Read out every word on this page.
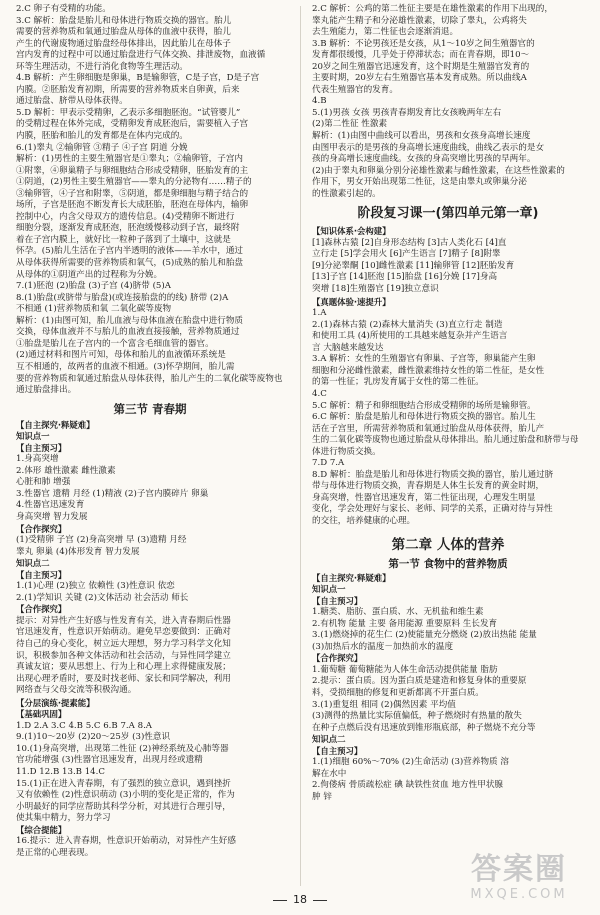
2.C 卵子有受精的功能。
3.C 解析：胎盘是胎儿和母体进行物质交换的器官。胎儿
需要的营养物质和氧通过胎盘从母体的血液中获得，胎儿
产生的代谢废物通过胎盘经母体排出，因此胎儿在母体子
宫内发育的过程中可以通过胎盘进行气体交换、排泄废物，血液循
环等生理活动，不进行消化食物等生理活动。
4.B 解析：产生卵细胞是卵巢，B是输卵管，C是子宫，D是子宫
内膜。②胚胎发育初期，所需要的营养物质来自卵黄，后来
通过胎盘、脐带从母体获得。
5.D 解析：甲表示受精卵，乙表示多细胞胚泡。“试管婴儿”
的受精过程在体外完成，受精卵发育成胚泡后，需要植入子宫
内膜，胚胎和胎儿的发育都是在体内完成的。
6.(1)睾丸 ②输卵管 ③精子 ④子宫 阴道 分娩
解析：(1)男性的主要生殖器官是①睾丸；②输卵管，子宫内
①附睾，④卵巢精子与卵细胞结合形成受精卵，胚胎发育的主
①阴道，(2)男性主要生殖器官——睾丸的分泌物有……精子的
③输卵管，④子宫和附睾，⑤阴道，都是卵细胞与精子结合的
场所，子宫是胚泡不断发育长大成胚胎，胚泡在母体内，输卵
控制中心，内含父母双方的遗传信息。(4)受精卵不断进行
细胞分裂，逐渐发育成胚泡，胚泡缓慢移动到子宫，最终附
着在子宫内膜上，就好比一粒种子落到了土壤中，这就是
怀孕。(5)胎儿生活在子宫内半透明的液体——羊水中，通过
从母体获得所需要的营养物质和氧气，(5)成熟的胎儿和胎盘
从母体的①阴道产出的过程称为分娩。
7.(1)胚泡 (2)胎盘 (3)子宫 (4)脐带 (5)A
8.(1)胎盘(或脐带与胎盘)(或连接胎盘的的线) 脐带 (2)A
不相通 (1)营养物质和氧 二氧化碳等废物
解析：(1)由图可知，胎儿血液与母体血液在胎盘中进行物质
交换，母体血液并不与胎儿的血液直接接触，营养物质通过
①胎盘是胎儿在子宫内的一个富含毛细血管的器官。
(2)通过材料和图片可知，母体和胎儿的血液循环系统是
互不相通的，故两者的血液不相通。(3)怀孕期间，胎儿需
要的营养物质和氧通过胎盘从母体获得，胎儿产生的二氧化碳等废物也
通过胎盘排出。
第三节 青春期
【自主探究·释疑难】
知识点一
【自主预习】
1.身高突增
2.体形 雄性激素 雌性激素
心脏和肺 增强
3.性器官 遗精 月经 (1)精液 (2)子宫内膜碎片 卵巢
4.性器官迅速发育
身高突增 智力发展
【合作探究】
(1)受精卵 子宫 (2)身高突增 早 (3)遗精 月经
睾丸 卵巢 (4)体形发育 智力发展
知识点二
【自主预习】
1.(1)心理 (2)独立 依赖性 (3)性意识 依恋
2.(1)学知识 关键 (2)文体活动 社会活动 师长
【合作探究】
提示：对异性产生好感与性发育有关，进入青春期后性器
官迅速发育，性意识开始萌动。避免早恋要做到：正确对
待自己的身心变化，树立远大理想，努力学习科学文化知
识，积极参加各种文体活动和社会活动，与异性同学建立
真诚友谊；要从思想上、行为上和心理上求得健康发展；
出现心理矛盾时，要及时找老师、家长和同学解决，利用
网络查与父母交流等积极沟通。
【分层演练·提素能】
【基础巩固】
1.D 2.A 3.C 4.B 5.C 6.B 7.A 8.A
9.(1)10～20岁 (2)20～25岁 (3)性意识
10.(1)身高突增，出现第二性征 (2)神经系统及心肺等器
官功能增强 (3)性器官迅速发育，出现月经或遗精
11.D 12.B 13.B 14.C
15.(1)正在进入青春期，有了强烈的独立意识，遇到挫折
又有依赖性 (2)性意识萌动 (3)小明的变化是正常的，作为
小明最好的同学应帮助其科学分析，对其进行合理引导，
使其集中精力，努力学习
【综合提能】
16.提示：进入青春期，性意识开始萌动，对异性产生好感
是正常的心理表现。
2.C 解析：公鸡的第二性征主要是在雄性激素的作用下出现的，
睾丸能产生精子和分泌雄性激素，切除了睾丸，公鸡将失
去生殖能力，第二性征也会逐渐消退。
3.B 解析：不论男孩还是女孩，从1～10岁之间生殖器官的
发育都很缓慢，几乎处于停滞状态；而在青春期，即10～
20岁之间生殖器官迅速发育，这个时期是生殖器官发育的
主要时期，20岁左右生殖器官基本发育成熟。所以曲线A
代表生殖器官的发育。
4.B
5.(1)男孩 女孩 男孩青春期发育比女孩晚两年左右
(2)第二性征 性激素
解析：(1)由图中曲线可以看出，男孩和女孩身高增长速度
由图甲表示的是男孩的身高增长速度曲线，曲线乙表示的是女
孩的身高增长速度曲线。女孩的身高突增比男孩的早两年。
(2)由于睾丸和卵巢分别分泌雄性激素与雌性激素，在这些性激素的
作用下，男女开始出现第二性征，这是由睾丸或卵巢分泌
的性激素引起的。
阶段复习课一(第四单元第一章)
【知识体系·会构建】
[1]森林古猿 [2]自身形态结构 [3]古人类化石 [4]直
立行走 [5]学会用火 [6]产生语言 [7]精子 [8]附睾
[9]分泌睾酮 [10]雌性激素 [11]输卵管 [12]胚胎发育
[13]子宫 [14]胚泡 [15]胎盘 [16]分娩 [17]身高
突增 [18]生殖器官 [19]独立意识
【真题体验·速提升】
1.A
2.(1)森林古猿 (2)森林大量消失 (3)直立行走 制造
和使用工具 (4)所使用的工具越来越复杂并产生语言
言 大脑越来越发达
3.A 解析：女性的生殖器官有卵巢、子宫等，卵巢能产生卵
细胞和分泌雌性激素，雌性激素维持女性的第二性征，是女性
的第一性征；乳房发育属于女性的第二性征。
4.C
5.C 解析：精子和卵细胞结合形成受精卵的场所是输卵管。
6.C 解析：胎盘是胎儿和母体进行物质交换的器官。胎儿生
活在子宫里，所需营养物质和氧通过胎盘从母体获得，胎儿产
生的二氧化碳等废物也通过胎盘从母体排出。胎儿通过胎盘和脐带与母体进行物质交换。
7.D 7.A
8.D 解析：胎盘是胎儿和母体进行物质交换的器官，胎儿通过脐
带与母体进行物质交换，青春期是人体生长发育的黄金时期，
身高突增，性器官迅速发育，第二性征出现，心理发生明显
变化，学会处理好与家长、老师、同学的关系，正确对待与异性
的交往，培养健康的心理。
第二章 人体的营养
第一节 食物中的营养物质
【自主探究·释疑难】
知识点一
【自主预习】
1.糖类、脂肪、蛋白质、水、无机盐和维生素
2.有机物 能量 主要 备用能源 重要原料 生长发育
3.(1)燃烧掉的花生仁 (2)使能量充分燃烧 (2)放出热能 能量
(3)加热后水的温度－加热前水的温度
【合作探究】
1.葡萄糖 葡萄糖能为人体生命活动提供能量 脂肪
2.提示：蛋白质。因为蛋白质是建造和修复身体的重要原
料，受损细胞的修复和更新都离不开蛋白质。
3.(1)重复组 相同 (2)偶然因素 平均值
(3)测得的热量比实际值偏低，种子燃烧时有热量的散失
在种子点燃后没有迅速放到锥形瓶底部，种子燃烧不充分等
知识点二
【自主预习】
1.(1)细胞 60%～70% (2)生命活动 (3)营养物质 溶
解在水中
2.佝偻病 骨质疏松症 碘 缺铁性贫血 地方性甲状腺
肿 锌
18
答案圈
MXQE.COM
